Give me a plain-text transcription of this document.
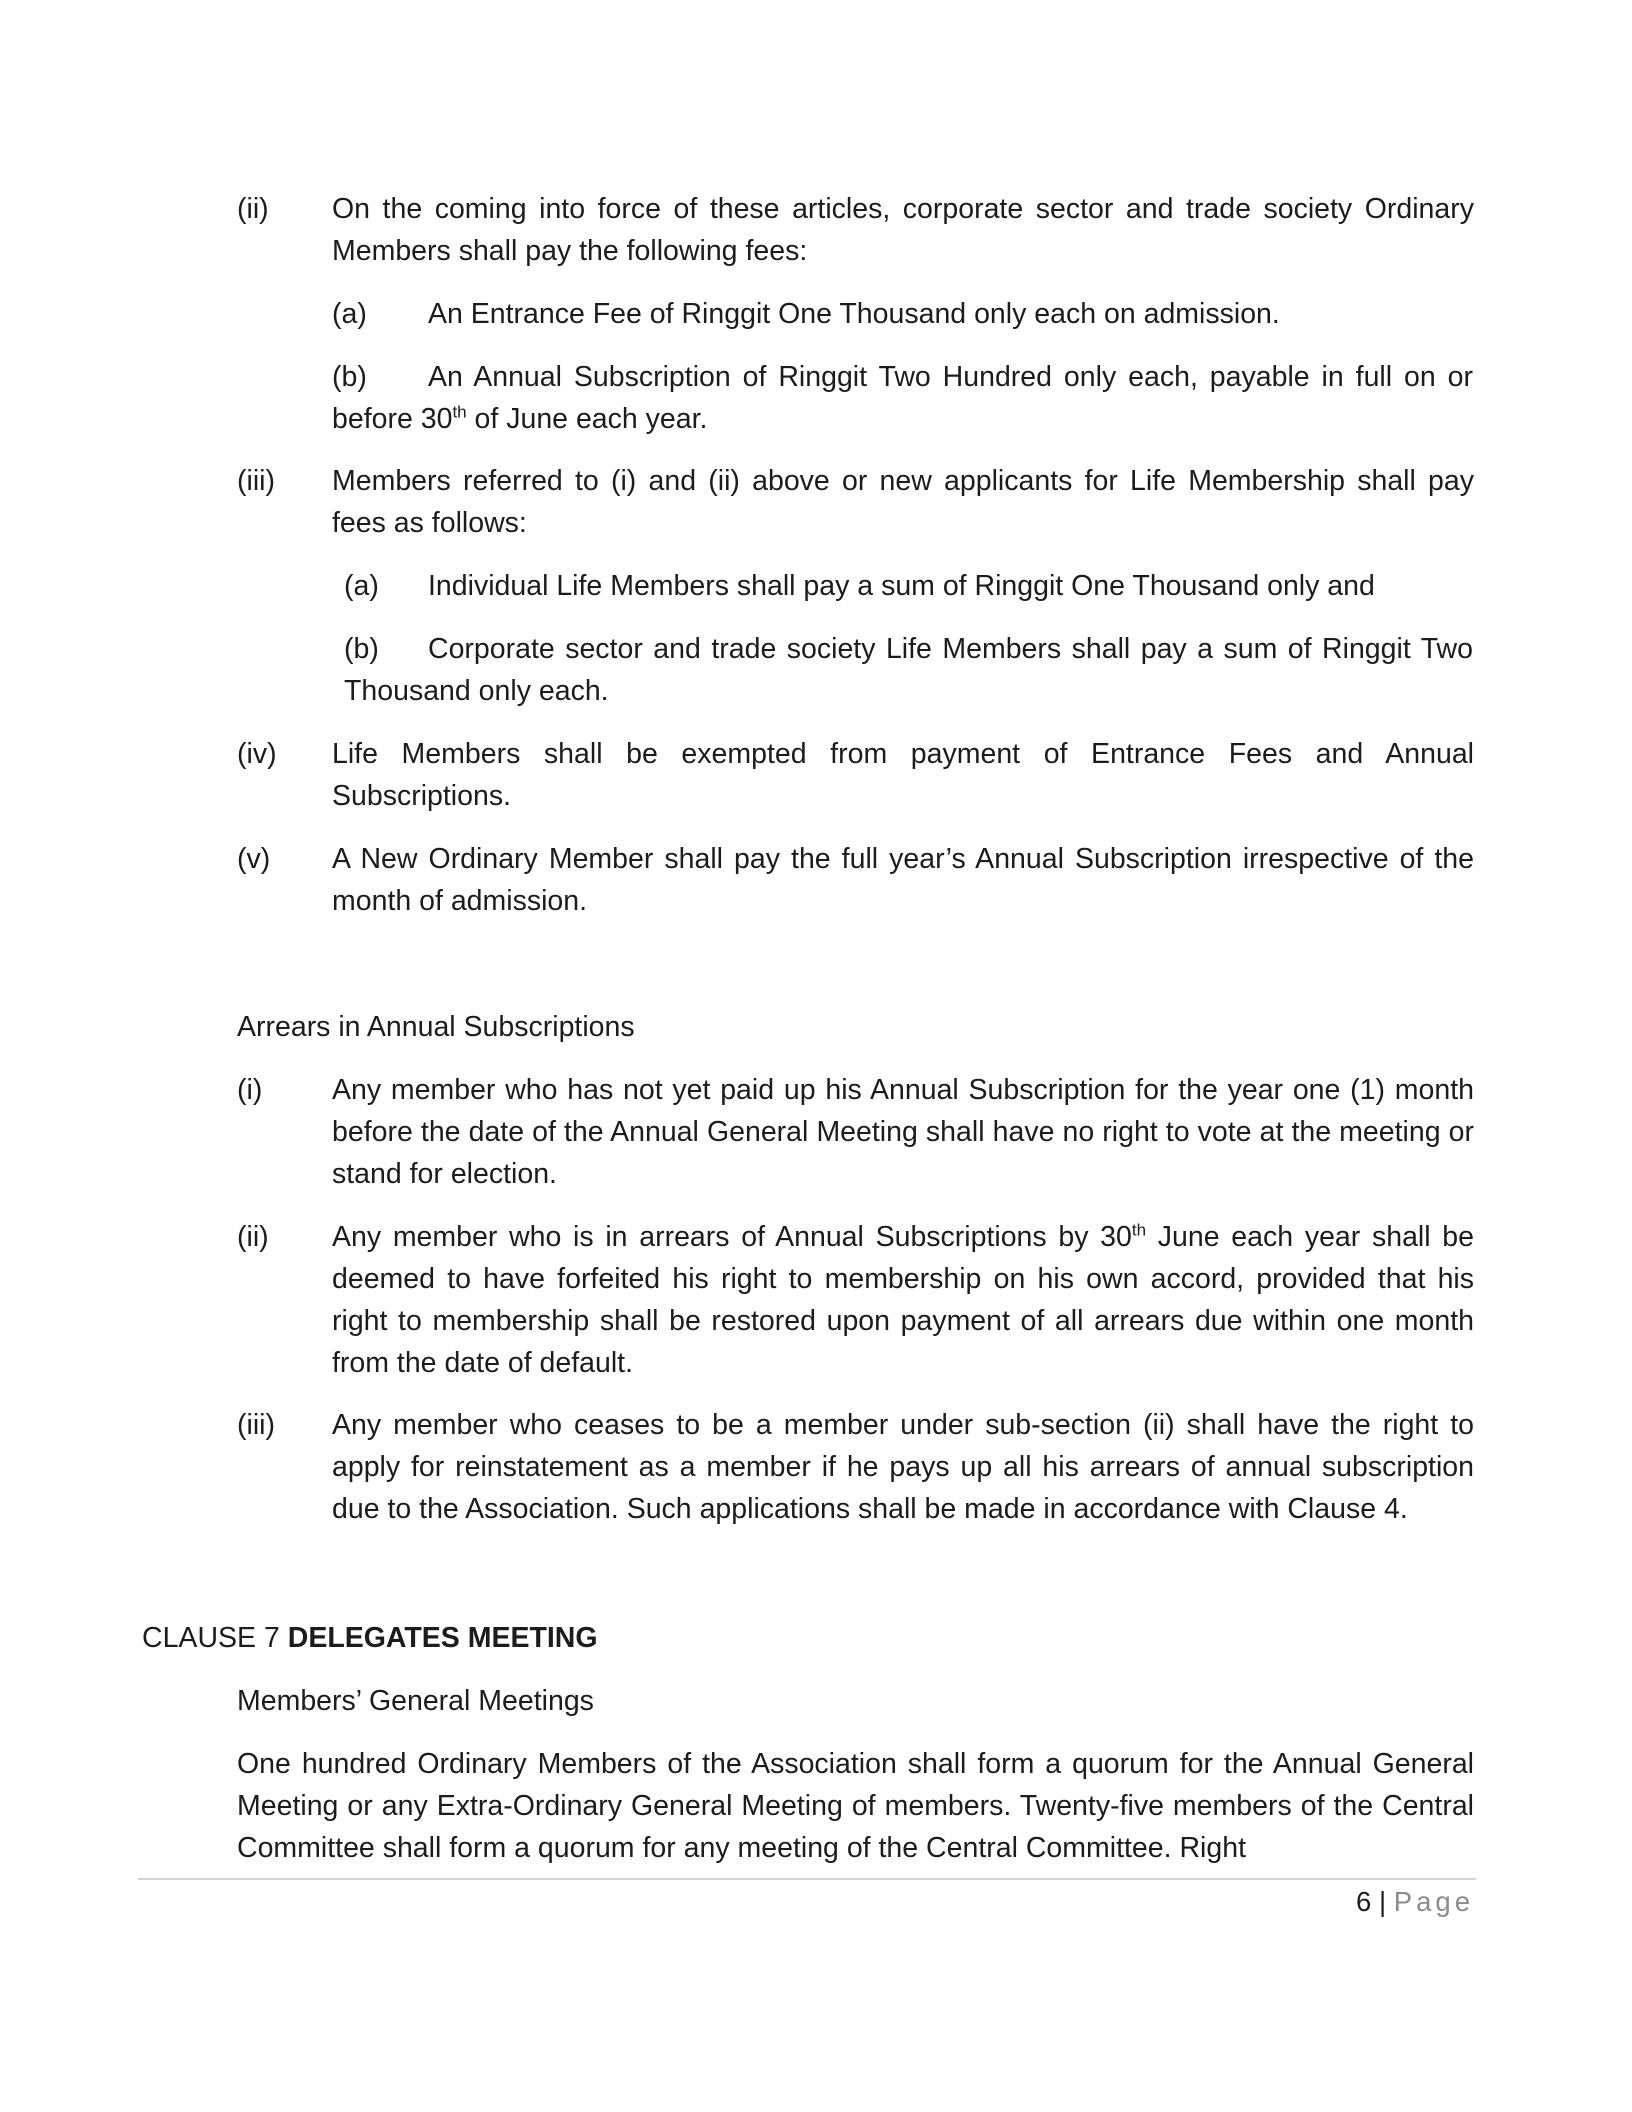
(ii) On the coming into force of these articles, corporate sector and trade society Ordinary Members shall pay the following fees:
(a) An Entrance Fee of Ringgit One Thousand only each on admission.
(b) An Annual Subscription of Ringgit Two Hundred only each, payable in full on or before 30th of June each year.
(iii) Members referred to (i) and (ii) above or new applicants for Life Membership shall pay fees as follows:
(a) Individual Life Members shall pay a sum of Ringgit One Thousand only and
(b) Corporate sector and trade society Life Members shall pay a sum of Ringgit Two Thousand only each.
(iv) Life Members shall be exempted from payment of Entrance Fees and Annual Subscriptions.
(v) A New Ordinary Member shall pay the full year’s Annual Subscription irrespective of the month of admission.
Arrears in Annual Subscriptions
(i) Any member who has not yet paid up his Annual Subscription for the year one (1) month before the date of the Annual General Meeting shall have no right to vote at the meeting or stand for election.
(ii) Any member who is in arrears of Annual Subscriptions by 30th June each year shall be deemed to have forfeited his right to membership on his own accord, provided that his right to membership shall be restored upon payment of all arrears due within one month from the date of default.
(iii) Any member who ceases to be a member under sub-section (ii) shall have the right to apply for reinstatement as a member if he pays up all his arrears of annual subscription due to the Association. Such applications shall be made in accordance with Clause 4.
CLAUSE 7 DELEGATES MEETING
Members’ General Meetings
One hundred Ordinary Members of the Association shall form a quorum for the Annual General Meeting or any Extra-Ordinary General Meeting of members. Twenty-five members of the Central Committee shall form a quorum for any meeting of the Central Committee. Right
6 | Page
